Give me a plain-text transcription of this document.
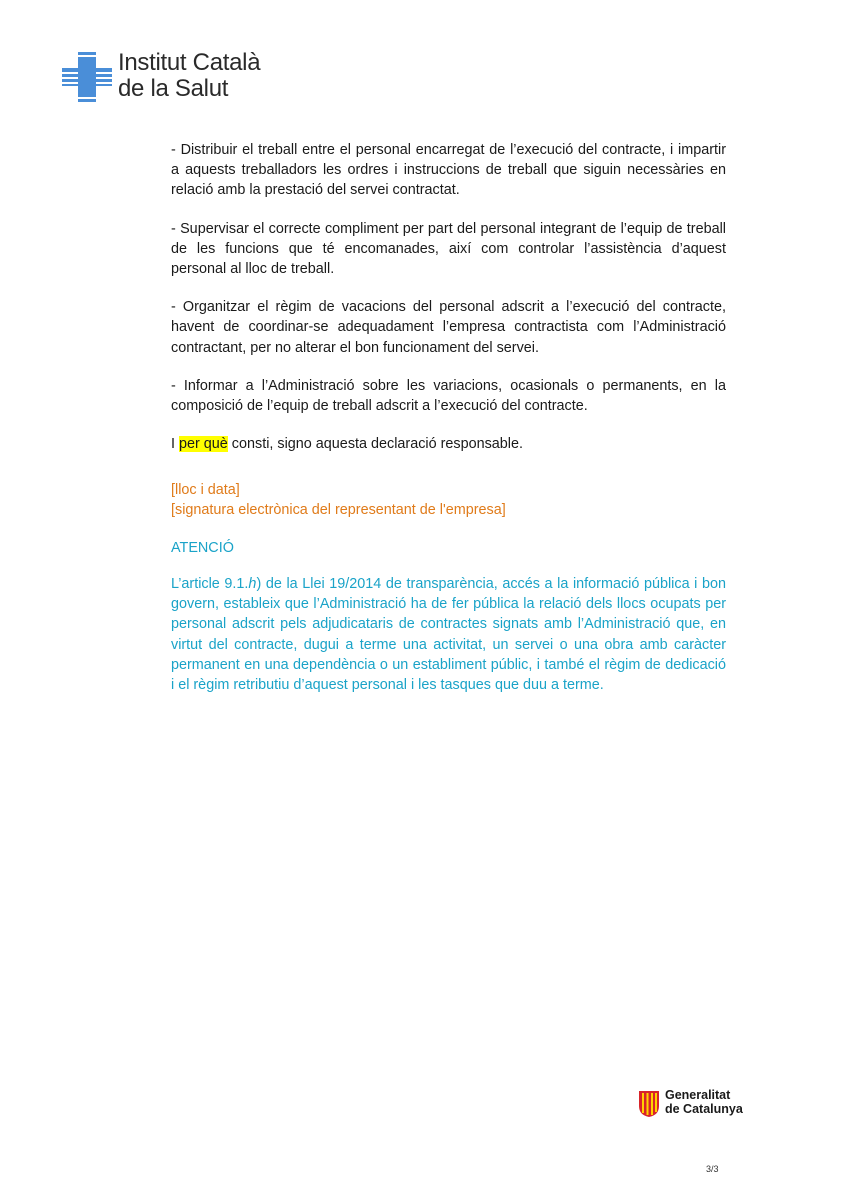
Institut Català
de la Salut

- Distribuir el treball entre el personal encarregat de l’execució del contracte, i impartir a aquests treballadors les ordres i instruccions de treball que siguin necessàries en relació amb la prestació del servei contractat.

- Supervisar el correcte compliment per part del personal integrant de l’equip de treball de les funcions que té encomanades, així com controlar l’assistència d’aquest personal al lloc de treball.

- Organitzar el règim de vacacions del personal adscrit a l’execució del contracte, havent de coordinar-se adequadament l’empresa contractista com l’Administració contractant, per no alterar el bon funcionament del servei.

- Informar a l’Administració sobre les variacions, ocasionals o permanents, en la composició de l’equip de treball adscrit a l’execució del contracte.

I per què consti, signo aquesta declaració responsable.

[lloc i data]
[signatura electrònica del representant de l'empresa]
ATENCIÓ
L’article 9.1.h) de la Llei 19/2014 de transparència, accés a la informació pública i bon govern, estableix que l’Administració ha de fer pública la relació dels llocs ocupats per personal adscrit pels adjudicataris de contractes signats amb l’Administració que, en virtut del contracte, dugui a terme una activitat, un servei o una obra amb caràcter permanent en una dependència o un establiment públic, i també el règim de dedicació i el règim retributiu d’aquest personal i les tasques que duu a terme.
Generalitat
de Catalunya
3/3
